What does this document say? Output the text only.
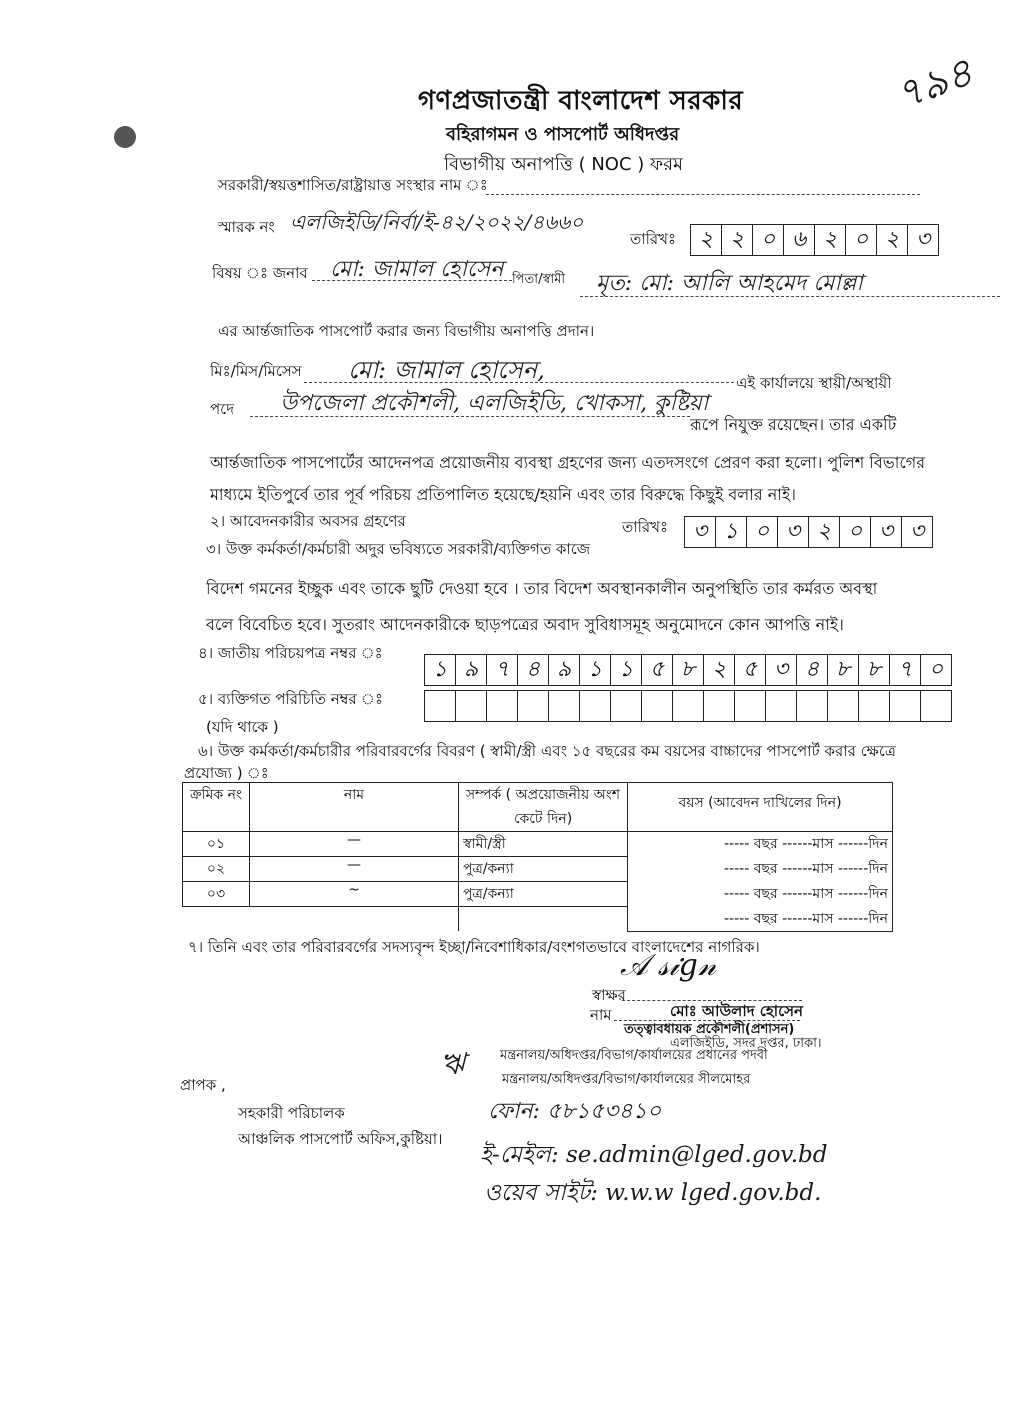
৭৯৪
গণপ্রজাতন্ত্রী বাংলাদেশ সরকার
বহিরাগমন ও পাসপোর্ট অধিদপ্তর
বিভাগীয় অনাপত্তি ( NOC ) ফরম
সরকারী/স্বয়ত্তশাসিত/রাষ্ট্রায়াত্ত সংস্থার নাম ঃ
স্মারক নং এলজিইডি/নির্বা/ই-৪২/২০২২/৪৬৬০
তারিখঃ	২ ২ ০ ৬ ২ ০ ২ ৩
বিষয় ঃ জনাব মো: জামাল হোসেন পিতা/স্বামী মৃত: মো: আলি আহমেদ মোল্লা
এর আর্ন্তজাতিক পাসপোর্ট করার জন্য বিভাগীয় অনাপত্তি প্রদান।
মিঃ/মিস/মিসেস মো: জামাল হোসেন,	এই কার্যালয়ে স্থায়ী/অস্থায়ী
পদে উপজেলা প্রকৌশলী, এলজিইডি, খোকসা, কুষ্টিয়া
রূপে নিযুক্ত রয়েছেন। তার একটি
আর্ন্তজাতিক পাসপোর্টের আদেনপত্র প্রয়োজনীয় ব্যবস্থা গ্রহণের জন্য এতদসংগে প্রেরণ করা হলো। পুলিশ বিভাগের
মাধ্যমে ইতিপুর্বে তার পূর্ব পরিচয় প্রতিপালিত হয়েছে/হয়নি এবং তার বিরুদ্ধে কিছুই বলার নাই।
২। আবেদনকারীর অবসর গ্রহণের	তারিখঃ	৩ ১ ০ ৩ ২ ০ ৩ ৩
৩। উক্ত কর্মকর্তা/কর্মচারী অদুর ভবিষ্যতে সরকারী/ব্যক্তিগত কাজে
বিদেশ গমনের ইচ্ছুক এবং তাকে ছুটি দেওয়া হবে । তার বিদেশ অবস্থানকালীন অনুপস্থিতি তার কর্মরত অবস্থা
বলে বিবেচিত হবে। সুতরাং আদেনকারীকে ছাড়পত্রের অবাদ সুবিধাসমূহ অনুমোদনে কোন আপত্তি নাই।
৪। জাতীয় পরিচয়পত্র নম্বর ঃ
১ ৯ ৭ ৪ ৯ ১ ১ ৫ ৮ ২ ৫ ৩ ৪ ৮ ৮ ৭ ০
৫। ব্যক্তিগত পরিচিতি নম্বর ঃ
(যদি থাকে )
৬। উক্ত কর্মকর্তা/কর্মচারীর পরিবারবর্গের বিবরণ ( স্বামী/স্ত্রী এবং ১৫ বছরের কম বয়সের বাচ্চাদের পাসপোর্ট করার ক্ষেত্রে
প্রযোজ্য ) ঃ
ক্রমিক নং	নাম	সম্পর্ক ( অপ্রয়োজনীয় অংশ কেটে দিন)	বয়স (আবেদন দাখিলের দিন)
০১	—	স্বামী/স্ত্রী	----- বছর ------মাস ------দিন
০২	—	পুত্র/কন্যা	----- বছর ------মাস ------দিন
০৩	~	পুত্র/কন্যা	----- বছর ------মাস ------দিন
			----- বছর ------মাস ------দিন
৭। তিনি এবং তার পরিবারবর্গের সদস্যবৃন্দ ইচ্ছা/নিবেশাধিকার/বংশগতভাবে বাংলাদেশের নাগরিক।
𝒜 𝓈𝒾𝑔𝓃
স্বাক্ষর
নাম	মোঃ আউলাদ হোসেন
তত্ত্বাবধায়ক প্রকৌশলী(প্রশাসন)
ঋ	মন্ত্রনালয়/অধিদপ্তর/বিভাগ/কার্যালয়ের প্রধানের পদবী
এলজিইডি, সদর দপ্তর, ঢাকা।
মন্ত্রনালয়/অধিদপ্তর/বিভাগ/কার্যালয়ের সীলমোহর
প্রাপক ,
সহকারী পরিচালক
আঞ্চলিক পাসপোর্ট অফিস,কুষ্টিয়া।
ফোন: ৫৮১৫৩৪১০
ই-মেইল: se.admin@lged.gov.bd
ওয়েব সাইট: w.w.w lged.gov.bd.
